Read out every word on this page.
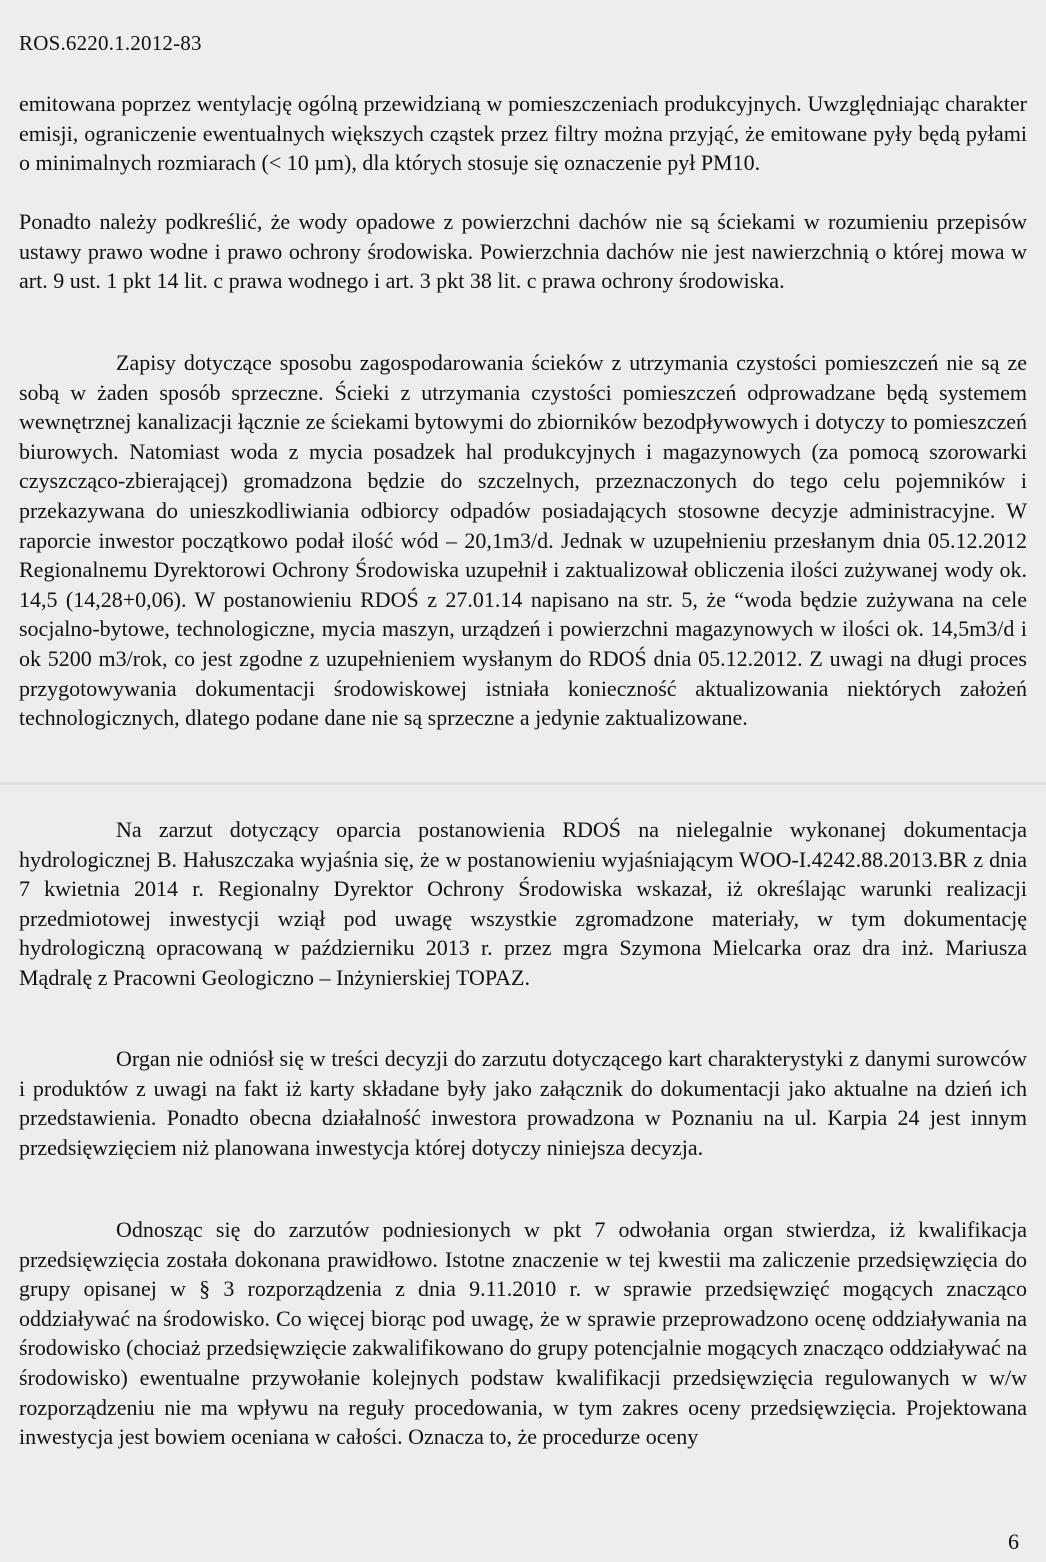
ROS.6220.1.2012-83

emitowana poprzez wentylację ogólną przewidzianą w pomieszczeniach produkcyjnych. Uwzględniając charakter emisji, ograniczenie ewentualnych większych cząstek przez filtry można przyjąć, że emitowane pyły będą pyłami o minimalnych rozmiarach (< 10 µm), dla których stosuje się oznaczenie pył PM10.

Ponadto należy podkreślić, że wody opadowe z powierzchni dachów nie są ściekami w rozumieniu przepisów ustawy prawo wodne i prawo ochrony środowiska. Powierzchnia dachów nie jest nawierzchnią o której mowa w art. 9 ust. 1 pkt 14 lit. c prawa wodnego i art. 3 pkt 38 lit. c prawa ochrony środowiska.

Zapisy dotyczące sposobu zagospodarowania ścieków z utrzymania czystości pomieszczeń nie są ze sobą w żaden sposób sprzeczne. Ścieki z utrzymania czystości pomieszczeń odprowadzane będą systemem wewnętrznej kanalizacji łącznie ze ściekami bytowymi do zbiorników bezodpływowych i dotyczy to pomieszczeń biurowych. Natomiast woda z mycia posadzek hal produkcyjnych i magazynowych (za pomocą szorowarki czyszcząco-zbierającej) gromadzona będzie do szczelnych, przeznaczonych do tego celu pojemników i przekazywana do unieszkodliwiania odbiorcy odpadów posiadających stosowne decyzje administracyjne. W raporcie inwestor początkowo podał ilość wód – 20,1m3/d. Jednak w uzupełnieniu przesłanym dnia 05.12.2012 Regionalnemu Dyrektorowi Ochrony Środowiska uzupełnił i zaktualizował obliczenia ilości zużywanej wody ok. 14,5 (14,28+0,06). W postanowieniu RDOŚ z 27.01.14 napisano na str. 5, że “woda będzie zużywana na cele socjalno-bytowe, technologiczne, mycia maszyn, urządzeń i powierzchni magazynowych w ilości ok. 14,5m3/d i ok 5200 m3/rok, co jest zgodne z uzupełnieniem wysłanym do RDOŚ dnia 05.12.2012. Z uwagi na długi proces przygotowywania dokumentacji środowiskowej istniała konieczność aktualizowania niektórych założeń technologicznych, dlatego podane dane nie są sprzeczne a jedynie zaktualizowane.

Na zarzut dotyczący oparcia postanowienia RDOŚ na nielegalnie wykonanej dokumentacja hydrologicznej B. Hałuszczaka wyjaśnia się, że w postanowieniu wyjaśniającym WOO-I.4242.88.2013.BR z dnia 7 kwietnia 2014 r. Regionalny Dyrektor Ochrony Środowiska wskazał, iż określając warunki realizacji przedmiotowej inwestycji wziął pod uwagę wszystkie zgromadzone materiały, w tym dokumentację hydrologiczną opracowaną w październiku 2013 r. przez mgra Szymona Mielcarka oraz dra inż. Mariusza Mądralę z Pracowni Geologiczno – Inżynierskiej TOPAZ.

Organ nie odniósł się w treści decyzji do zarzutu dotyczącego kart charakterystyki z danymi surowców i produktów z uwagi na fakt iż karty składane były jako załącznik do dokumentacji jako aktualne na dzień ich przedstawienia. Ponadto obecna działalność inwestora prowadzona w Poznaniu na ul. Karpia 24 jest innym przedsięwzięciem niż planowana inwestycja której dotyczy niniejsza decyzja.

Odnosząc się do zarzutów podniesionych w pkt 7 odwołania organ stwierdza, iż kwalifikacja przedsięwzięcia została dokonana prawidłowo. Istotne znaczenie w tej kwestii ma zaliczenie przedsięwzięcia do grupy opisanej w § 3 rozporządzenia z dnia 9.11.2010 r. w sprawie przedsięwzięć mogących znacząco oddziaływać na środowisko. Co więcej biorąc pod uwagę, że w sprawie przeprowadzono ocenę oddziaływania na środowisko (chociaż przedsięwzięcie zakwalifikowano do grupy potencjalnie mogących znacząco oddziaływać na środowisko) ewentualne przywołanie kolejnych podstaw kwalifikacji przedsięwzięcia regulowanych w w/w rozporządzeniu nie ma wpływu na reguły procedowania, w tym zakres oceny przedsięwzięcia. Projektowana inwestycja jest bowiem oceniana w całości. Oznacza to, że procedurze oceny

6
